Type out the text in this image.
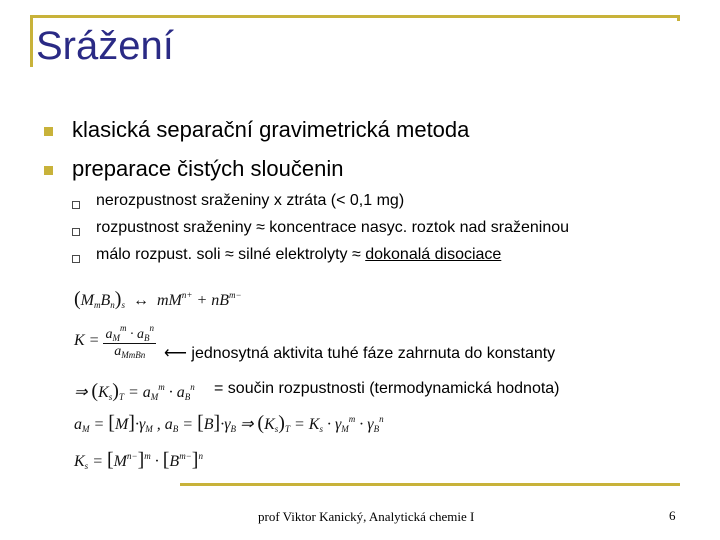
Srážení
klasická separační gravimetrická metoda
preparace čistých sloučenin
nerozpustnost sraženiny x ztráta (< 0,1 mg)
rozpustnost sraženiny ≈ koncentrace nasyc. roztok nad sraženinou
málo rozpust. soli ≈ silné elektrolyty ≈ dokonalá disociace
$(M_mB_n)_s$  ↔  $mM^{n+} + nB^{m-}$
$K = \frac{a_M^m \cdot a_B^n}{a_{MmBn}}$ ⟵ jednosytná aktivita tuhé fáze zahrnuta do konstanty
⇒ $(K_s)_T = a_M^m \cdot a_B^n$ = součin rozpustnosti (termodynamická hodnota)
$a_M = [M]\cdot\gamma_M$ , $a_B = [B]\cdot\gamma_B$ ⇒ $(K_s)_T = K_s \cdot \gamma_M^m \cdot \gamma_B^n$
$K_s = [M^{n-}]^m \cdot [B^{m-}]^n$
prof Viktor Kanický, Analytická chemie I	6
